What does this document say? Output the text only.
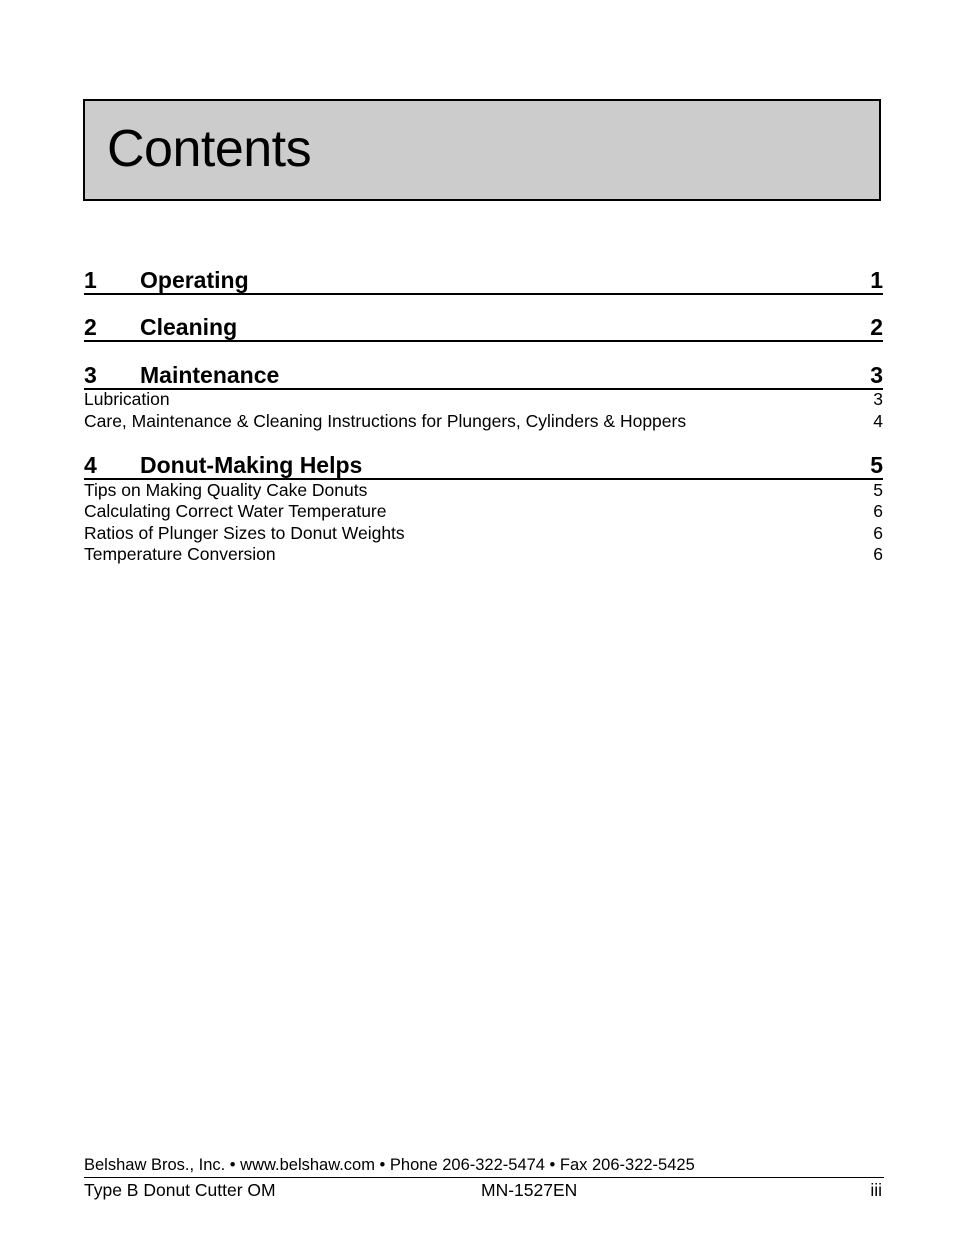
Contents
1 Operating	1
2 Cleaning	2
3 Maintenance	3
Lubrication	3
Care, Maintenance & Cleaning Instructions for Plungers, Cylinders & Hoppers	4
4 Donut-Making Helps	5
Tips on Making Quality Cake Donuts	5
Calculating Correct Water Temperature	6
Ratios of Plunger Sizes to Donut Weights	6
Temperature Conversion	6
Belshaw Bros., Inc. • www.belshaw.com • Phone 206-322-5474 • Fax 206-322-5425
Type B Donut Cutter OM	MN-1527EN	iii
